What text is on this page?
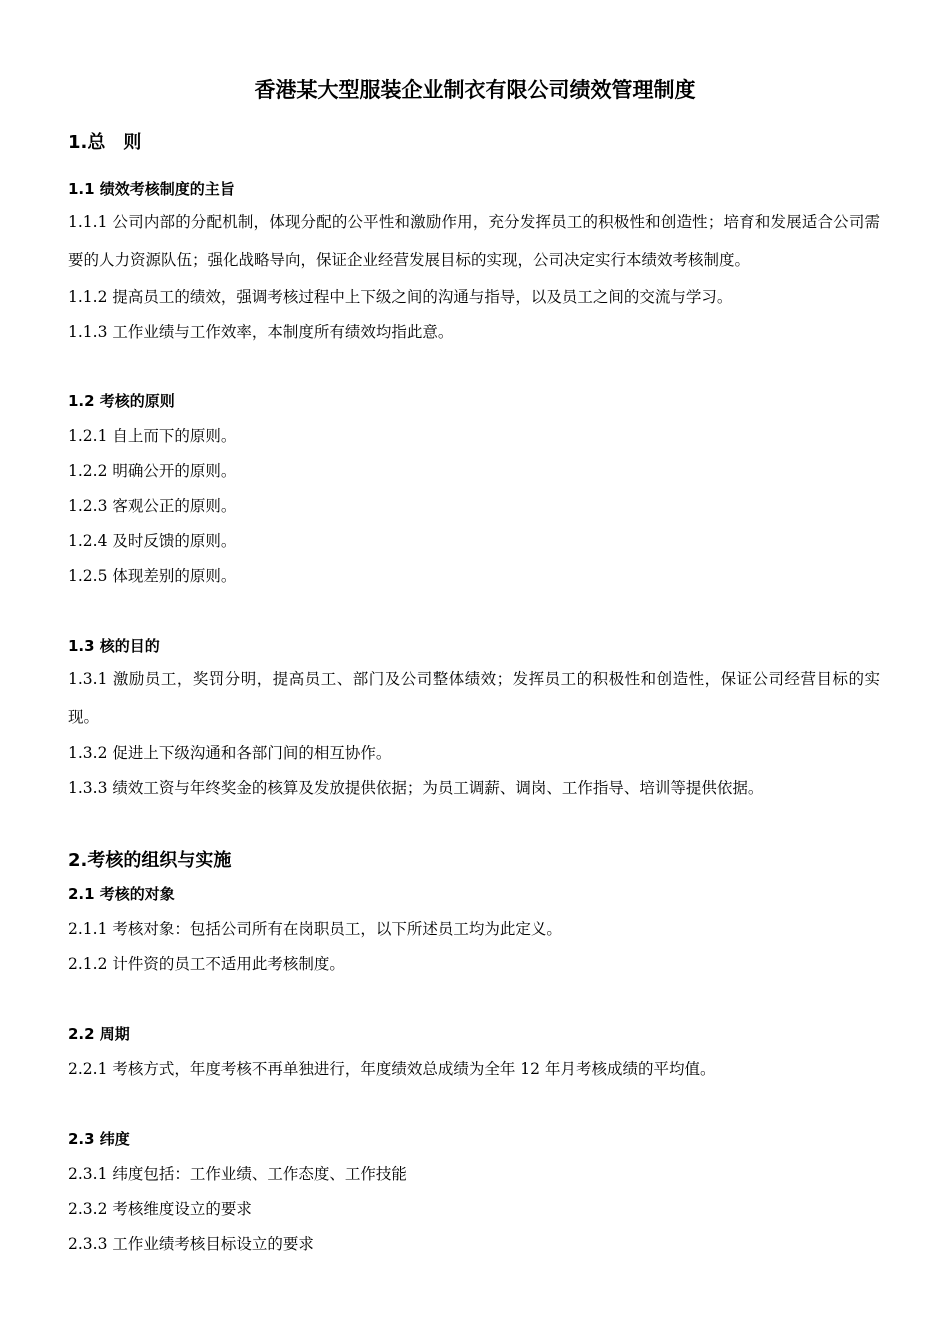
香港某大型服装企业制衣有限公司绩效管理制度
1.总　则
1.1 绩效考核制度的主旨
1.1.1 公司内部的分配机制，体现分配的公平性和激励作用，充分发挥员工的积极性和创造性；培育和发展适合公司需要的人力资源队伍；强化战略导向，保证企业经营发展目标的实现，公司决定实行本绩效考核制度。
1.1.2 提高员工的绩效，强调考核过程中上下级之间的沟通与指导，以及员工之间的交流与学习。
1.1.3 工作业绩与工作效率，本制度所有绩效均指此意。
1.2 考核的原则
1.2.1 自上而下的原则。
1.2.2 明确公开的原则。
1.2.3 客观公正的原则。
1.2.4 及时反馈的原则。
1.2.5 体现差别的原则。
1.3 核的目的
1.3.1 激励员工，奖罚分明，提高员工、部门及公司整体绩效；发挥员工的积极性和创造性，保证公司经营目标的实现。
1.3.2 促进上下级沟通和各部门间的相互协作。
1.3.3 绩效工资与年终奖金的核算及发放提供依据；为员工调薪、调岗、工作指导、培训等提供依据。
2.考核的组织与实施
2.1 考核的对象
2.1.1 考核对象：包括公司所有在岗职员工，以下所述员工均为此定义。
2.1.2 计件资的员工不适用此考核制度。
2.2 周期
2.2.1 考核方式，年度考核不再单独进行，年度绩效总成绩为全年 12 年月考核成绩的平均值。
2.3 纬度
2.3.1 纬度包括：工作业绩、工作态度、工作技能
2.3.2 考核维度设立的要求
2.3.3 工作业绩考核目标设立的要求
